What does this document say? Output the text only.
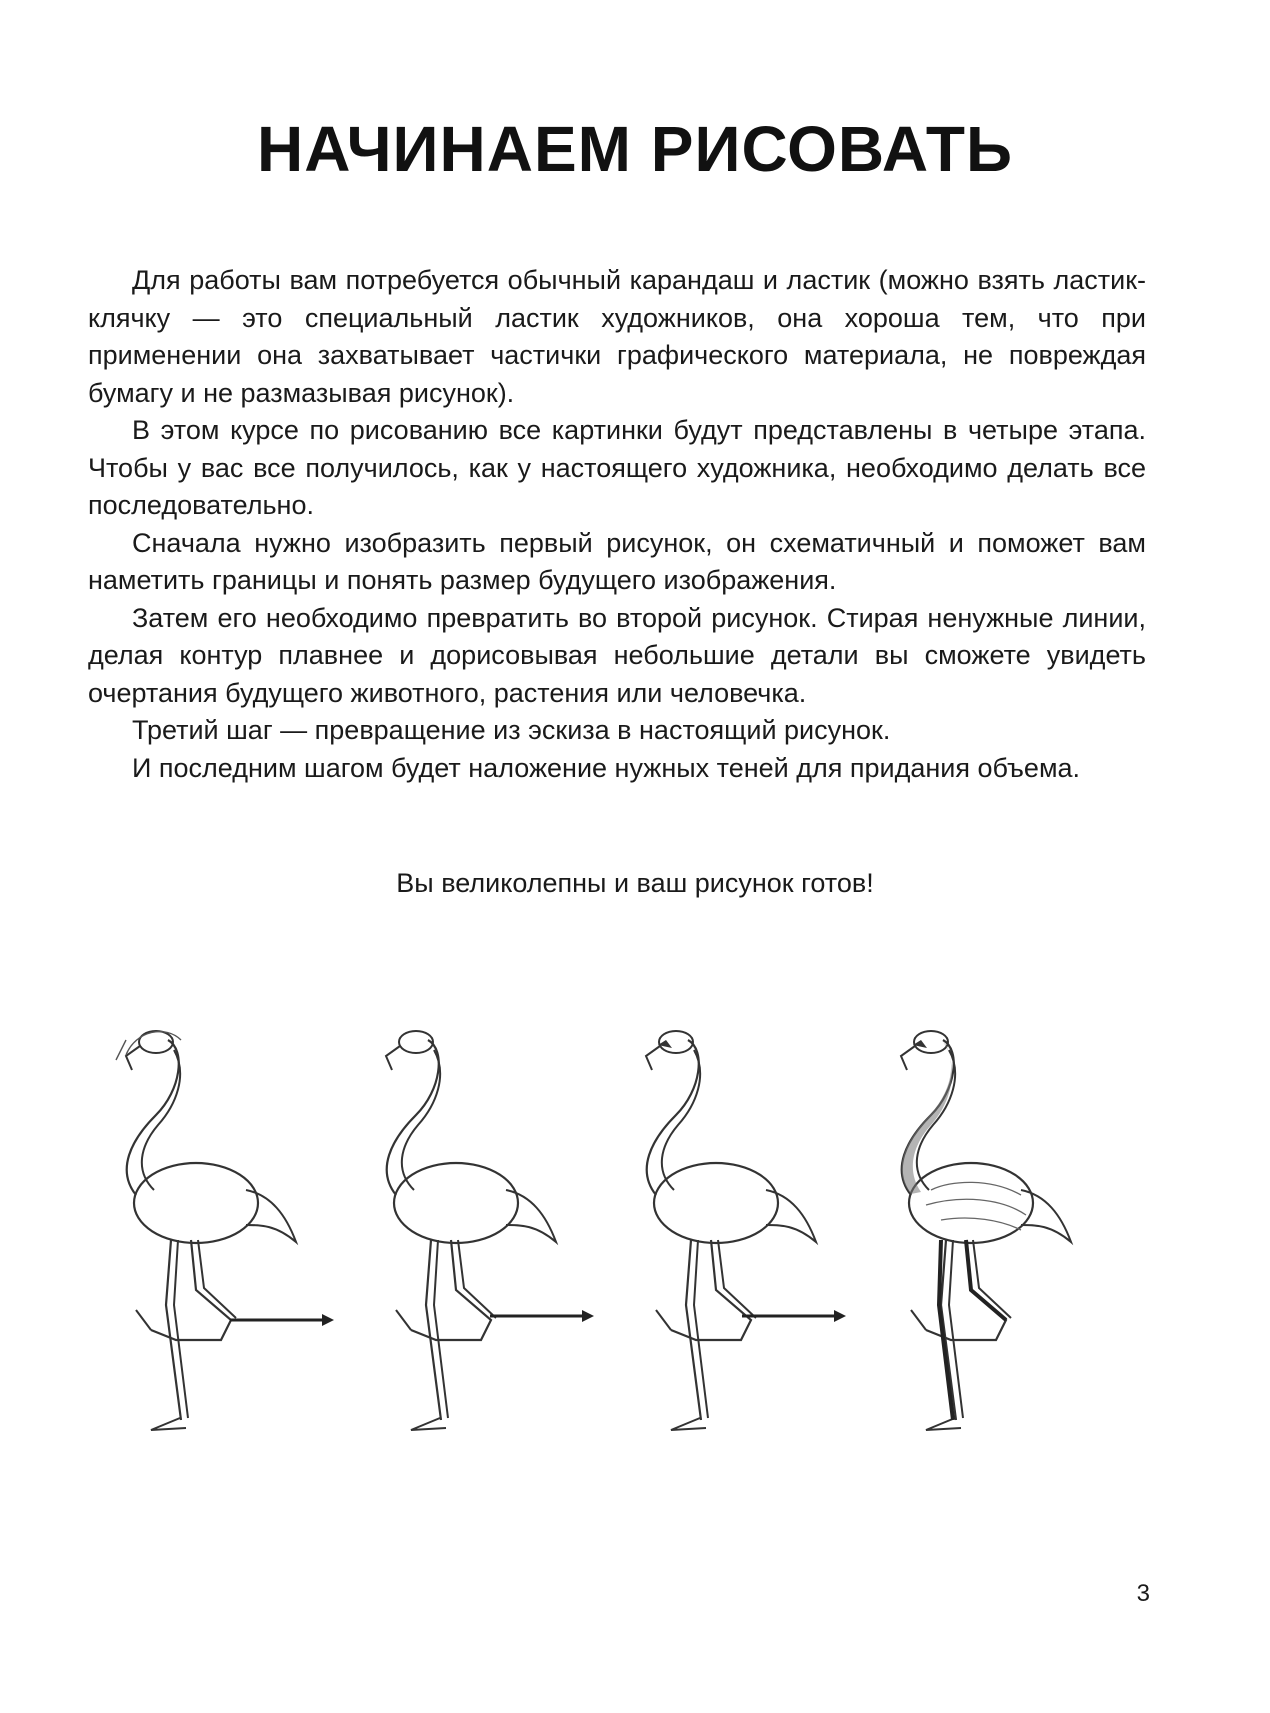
НАЧИНАЕМ РИСОВАТЬ

Для работы вам потребуется обычный карандаш и ластик (можно взять ластик-клячку — это специальный ластик художников, она хороша тем, что при применении она захватывает частички графического материала, не повреждая бумагу и не размазывая рисунок).

В этом курсе по рисованию все картинки будут представлены в четыре этапа. Чтобы у вас все получилось, как у настоящего художника, необходимо делать все последовательно.

Сначала нужно изобразить первый рисунок, он схематичный и поможет вам наметить границы и понять размер будущего изображения.

Затем его необходимо превратить во второй рисунок. Стирая ненужные линии, делая контур плавнее и дорисовывая небольшие детали вы сможете увидеть очертания будущего животного, растения или человечка.

Третий шаг — превращение из эскиза в настоящий рисунок.

И последним шагом будет наложение нужных теней для придания объема.

Вы великолепны и ваш рисунок готов!
3
